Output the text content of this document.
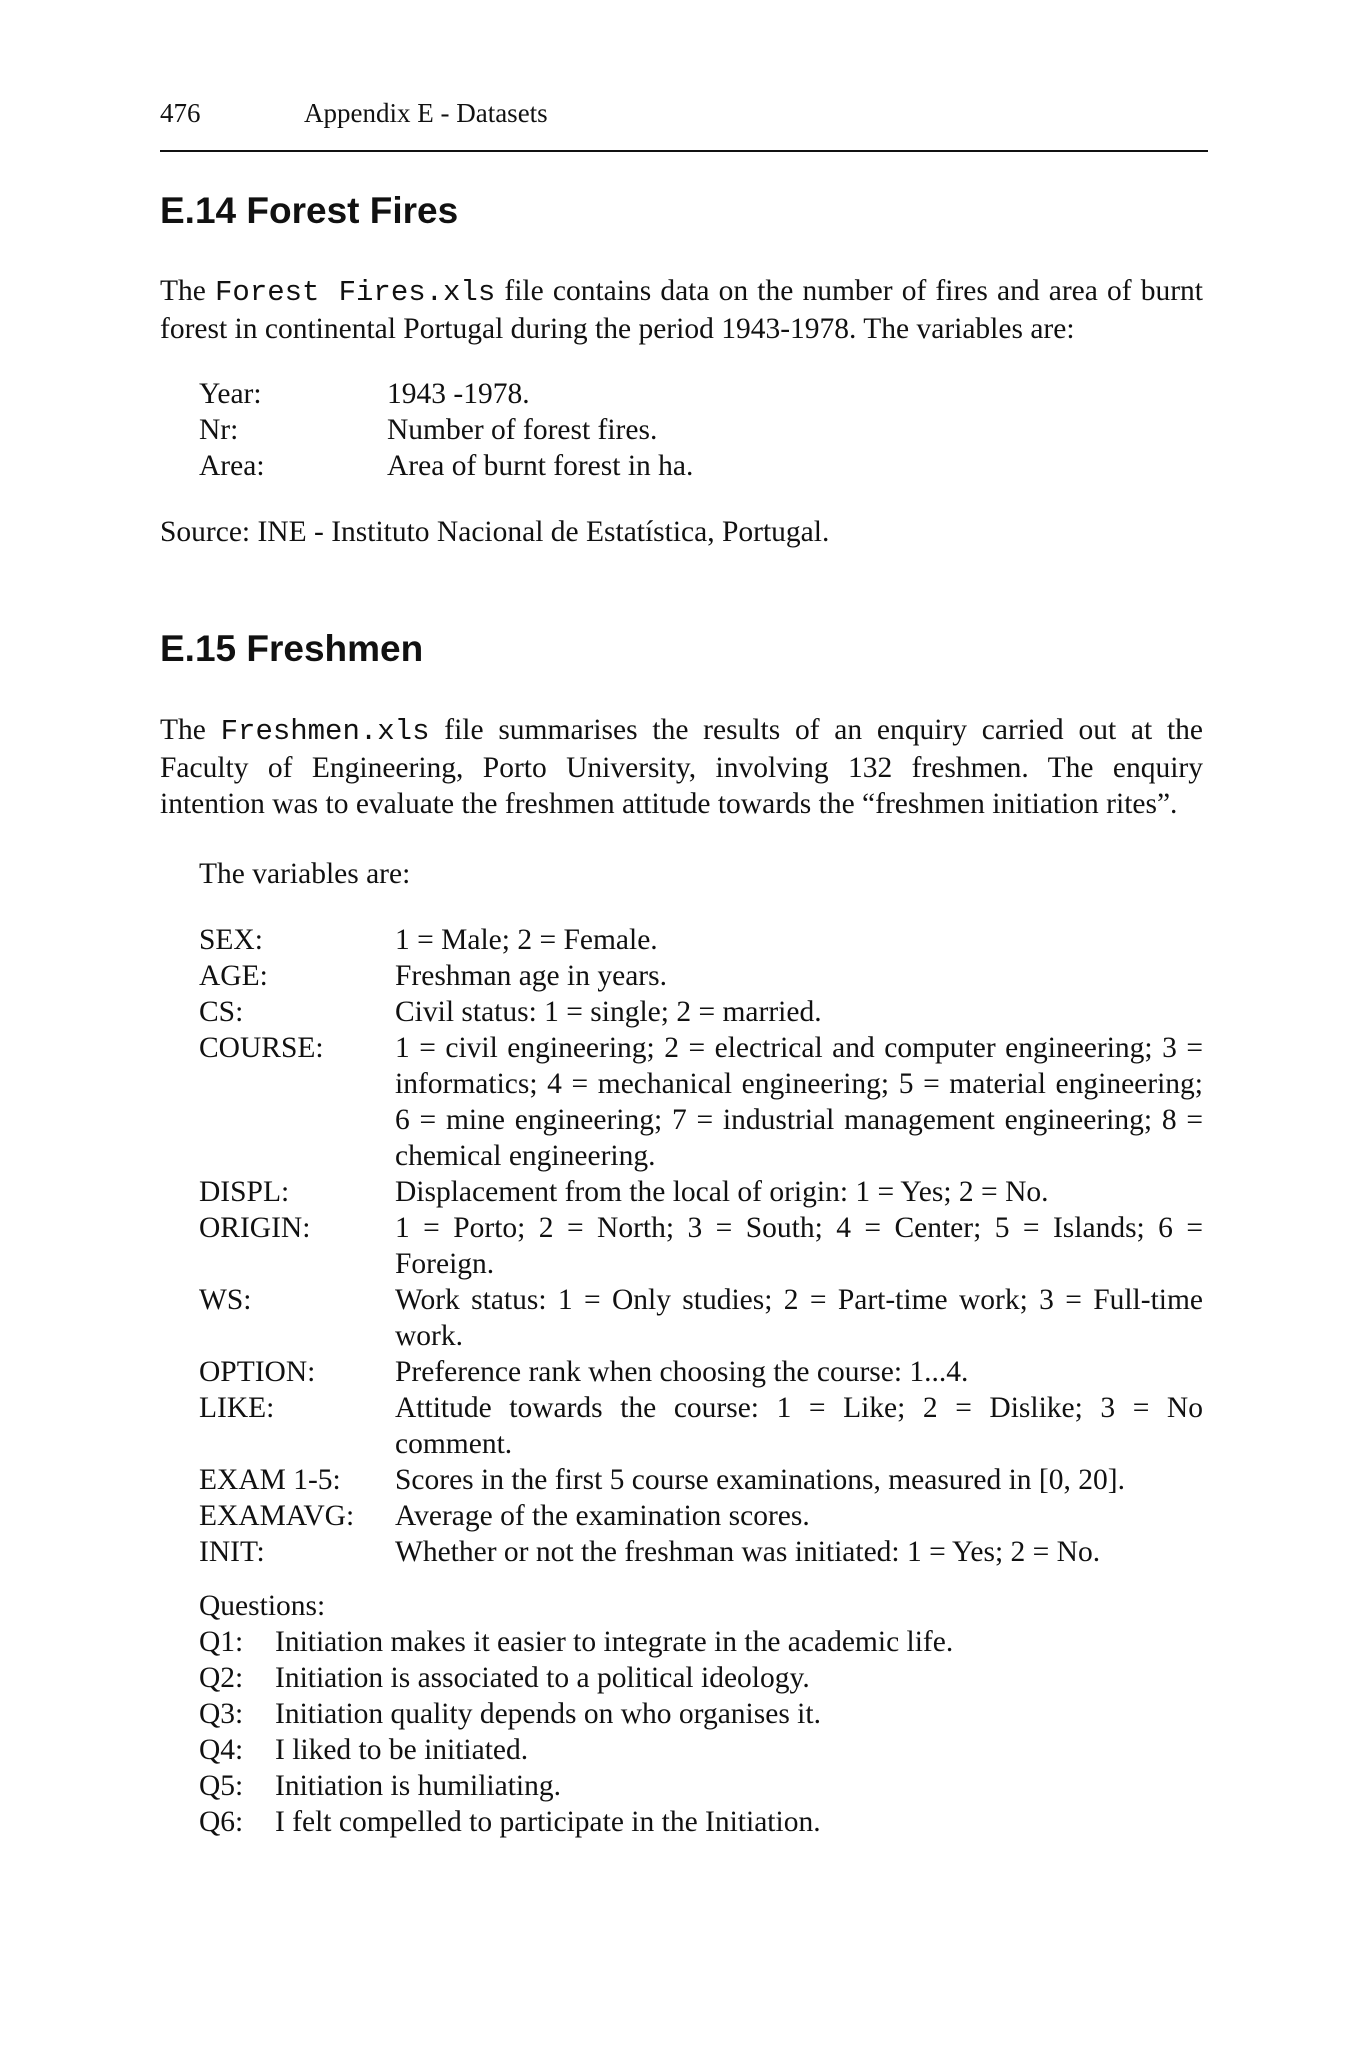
476	Appendix E - Datasets
E.14 Forest Fires

The Forest Fires.xls file contains data on the number of fires and area of burnt forest in continental Portugal during the period 1943-1978. The variables are:

Year:	1943 -1978.
Nr:	Number of forest fires.
Area:	Area of burnt forest in ha.

Source: INE - Instituto Nacional de Estatística, Portugal.

E.15 Freshmen

The Freshmen.xls file summarises the results of an enquiry carried out at the Faculty of Engineering, Porto University, involving 132 freshmen. The enquiry intention was to evaluate the freshmen attitude towards the “freshmen initiation rites”.

The variables are:
SEX:	1 = Male; 2 = Female.
AGE:	Freshman age in years.
CS:	Civil status: 1 = single; 2 = married.
COURSE: 1 = civil engineering; 2 = electrical and computer engineering; 3 = informatics; 4 = mechanical engineering; 5 = material engineering; 6 = mine engineering; 7 = industrial management engineering; 8 = chemical engineering.
DISPL:	Displacement from the local of origin: 1 = Yes; 2 = No.
ORIGIN:	1 = Porto; 2 = North; 3 = South; 4 = Center; 5 = Islands; 6 = Foreign.
WS:	Work status: 1 = Only studies; 2 = Part-time work; 3 = Full-time work.
OPTION:	Preference rank when choosing the course: 1...4.
LIKE:	Attitude towards the course: 1 = Like; 2 = Dislike; 3 = No comment.
EXAM 1-5: Scores in the first 5 course examinations, measured in [0, 20].
EXAMAVG: Average of the examination scores.
INIT:	Whether or not the freshman was initiated: 1 = Yes; 2 = No.
Questions:
Q1: Initiation makes it easier to integrate in the academic life.
Q2: Initiation is associated to a political ideology.
Q3: Initiation quality depends on who organises it.
Q4: I liked to be initiated.
Q5: Initiation is humiliating.
Q6: I felt compelled to participate in the Initiation.
